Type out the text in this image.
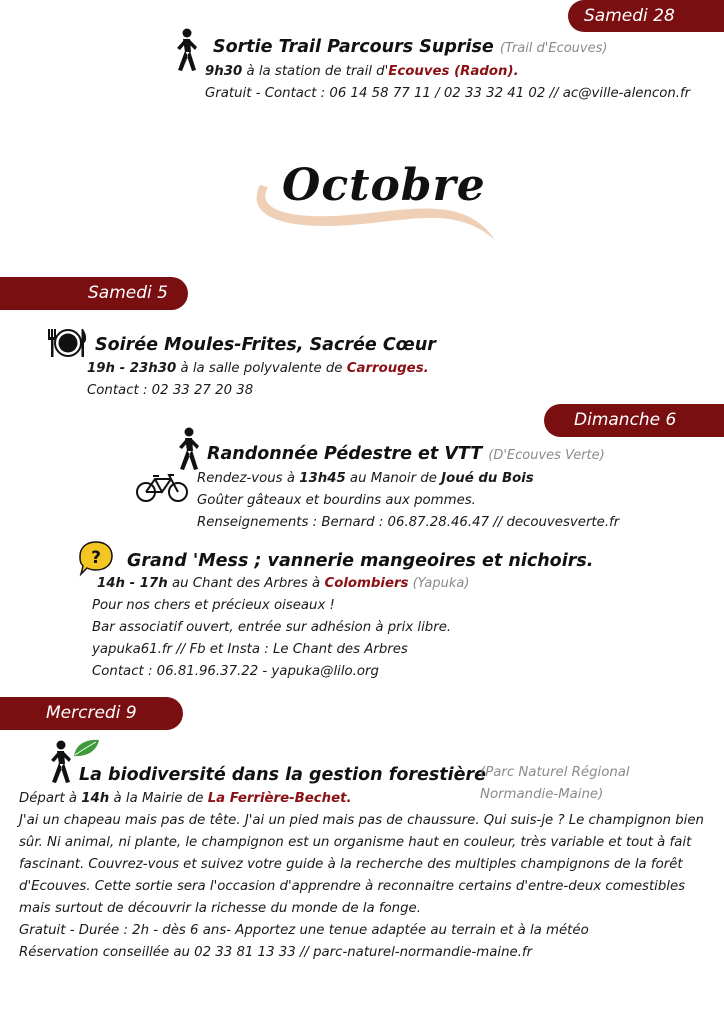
Samedi 28
Sortie Trail Parcours Suprise (Trail d'Ecouves)
9h30 à la station de trail d'Ecouves (Radon).
Gratuit - Contact : 06 14 58 77 11 / 02 33 32 41 02 // ac@ville-alencon.fr
Octobre
Samedi 5
Soirée Moules-Frites, Sacrée Cœur
19h - 23h30 à la salle polyvalente de Carrouges.
Contact : 02 33 27 20 38
Dimanche 6
Randonnée Pédestre et VTT (D'Ecouves Verte)
Rendez-vous à 13h45 au Manoir de Joué du Bois
Goûter gâteaux et bourdins aux pommes.
Renseignements : Bernard : 06.87.28.46.47 // decouvesverte.fr
? Grand 'Mess ; vannerie mangeoires et nichoirs.
14h - 17h au Chant des Arbres à Colombiers (Yapuka)
Pour nos chers et précieux oiseaux !
Bar associatif ouvert, entrée sur adhésion à prix libre.
yapuka61.fr // Fb et Insta : Le Chant des Arbres
Contact : 06.81.96.37.22 - yapuka@lilo.org
Mercredi 9
La biodiversité dans la gestion forestière
(Parc Naturel Régional
Normandie-Maine)
Départ à 14h à la Mairie de La Ferrière-Bechet.
J'ai un chapeau mais pas de tête. J'ai un pied mais pas de chaussure. Qui suis-je ? Le champignon bien sûr. Ni animal, ni plante, le champignon est un organisme haut en couleur, très variable et tout à fait fascinant. Couvrez-vous et suivez votre guide à la recherche des multiples champignons de la forêt d'Ecouves. Cette sortie sera l'occasion d'apprendre à reconnaitre certains d'entre-deux comestibles mais surtout de découvrir la richesse du monde de la fonge.
Gratuit - Durée : 2h - dès 6 ans- Apportez une tenue adaptée au terrain et à la météo
Réservation conseillée au 02 33 81 13 33 // parc-naturel-normandie-maine.fr
